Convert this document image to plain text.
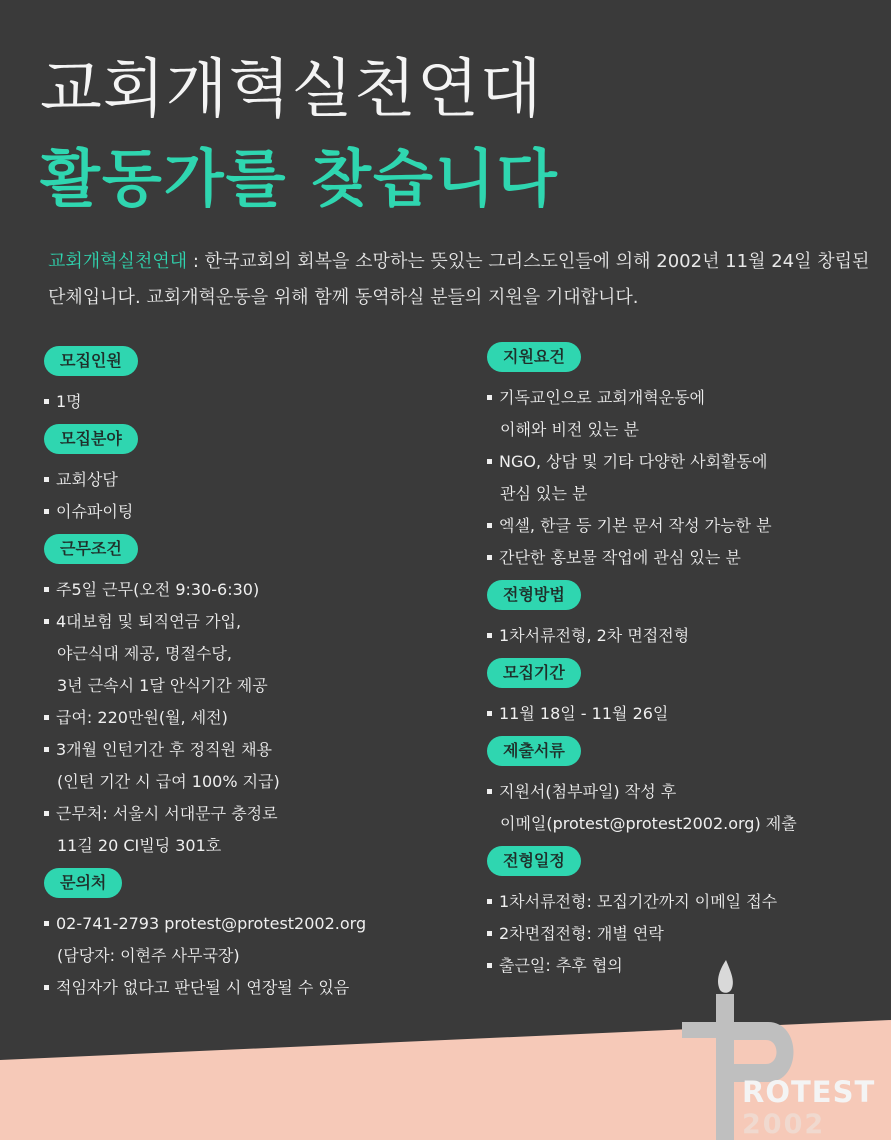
교회개혁실천연대
활동가를 찾습니다
교회개혁실천연대 : 한국교회의 회복을 소망하는 뜻있는 그리스도인들에 의해 2002년 11월 24일 창립된 단체입니다. 교회개혁운동을 위해 함께 동역하실 분들의 지원을 기대합니다.
모집인원
1명
모집분야
교회상담
이슈파이팅
근무조건
주5일 근무(오전 9:30-6:30)
4대보험 및 퇴직연금 가입,
야근식대 제공, 명절수당,
3년 근속시 1달 안식기간 제공
급여: 220만원(월, 세전)
3개월 인턴기간 후 정직원 채용
(인턴 기간 시 급여 100% 지급)
근무처: 서울시 서대문구 충정로
11길 20 CI빌딩 301호
문의처
02-741-2793 protest@protest2002.org
(담당자: 이현주 사무국장)
적임자가 없다고 판단될 시 연장될 수 있음
지원요건
기독교인으로 교회개혁운동에
이해와 비전 있는 분
NGO, 상담 및 기타 다양한 사회활동에
관심 있는 분
엑셀, 한글 등 기본 문서 작성 가능한 분
간단한 홍보물 작업에 관심 있는 분
전형방법
1차서류전형, 2차 면접전형
모집기간
11월 18일 - 11월 26일
제출서류
지원서(첨부파일) 작성 후
이메일(protest@protest2002.org) 제출
전형일정
1차서류전형: 모집기간까지 이메일 접수
2차면접전형: 개별 연락
출근일: 추후 협의
ROTEST
2002
